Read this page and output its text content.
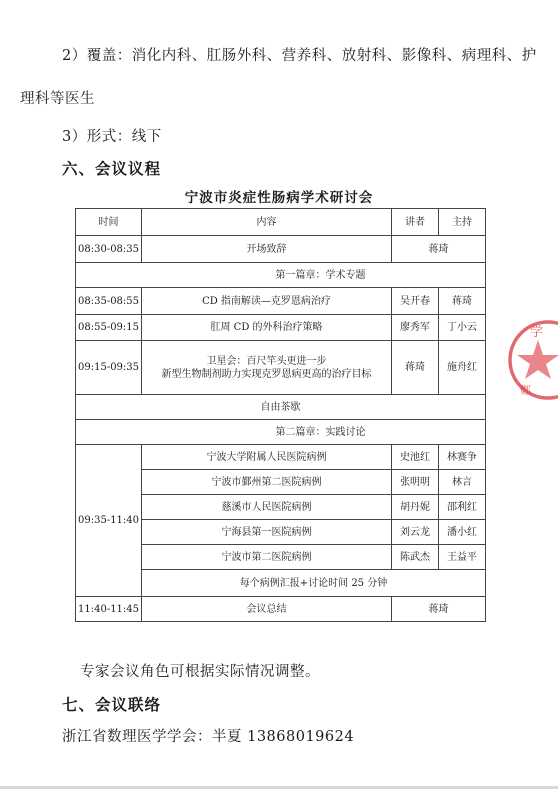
2）覆盖：消化内科、肛肠外科、营养科、放射科、影像科、病理科、护
理科等医生
3）形式：线下
六、会议议程
宁波市炎症性肠病学术研讨会
时间	内容	讲者	主持
08:30-08:35	开场致辞	蒋琦	
第一篇章：学术专题			
08:35-08:55	CD 指南解读—克罗恩病治疗	吴开春	蒋琦
08:55-09:15	肛周 CD 的外科治疗策略	廖秀军	丁小云
09:15-09:35	卫星会：百尺竿头更进一步
新型生物制剂助力实现克罗恩病更高的治疗目标	蒋琦	施舟红
自由茶歇			
第二篇章：实践讨论			
09:35-11:40	宁波大学附属人民医院病例	史池红	林赛争
	宁波市鄞州第二医院病例	张明明	林言
	慈溪市人民医院病例	胡丹妮	邵利红
	宁海县第一医院病例	刘云龙	潘小红
	宁波市第二医院病例	陈武杰	王益平
	每个病例汇报+讨论时间 25 分钟		
11:40-11:45	会议总结	蒋琦	
专家会议角色可根据实际情况调整。
七、会议联络
浙江省数理医学学会：半夏 13868019624
学
鄭
